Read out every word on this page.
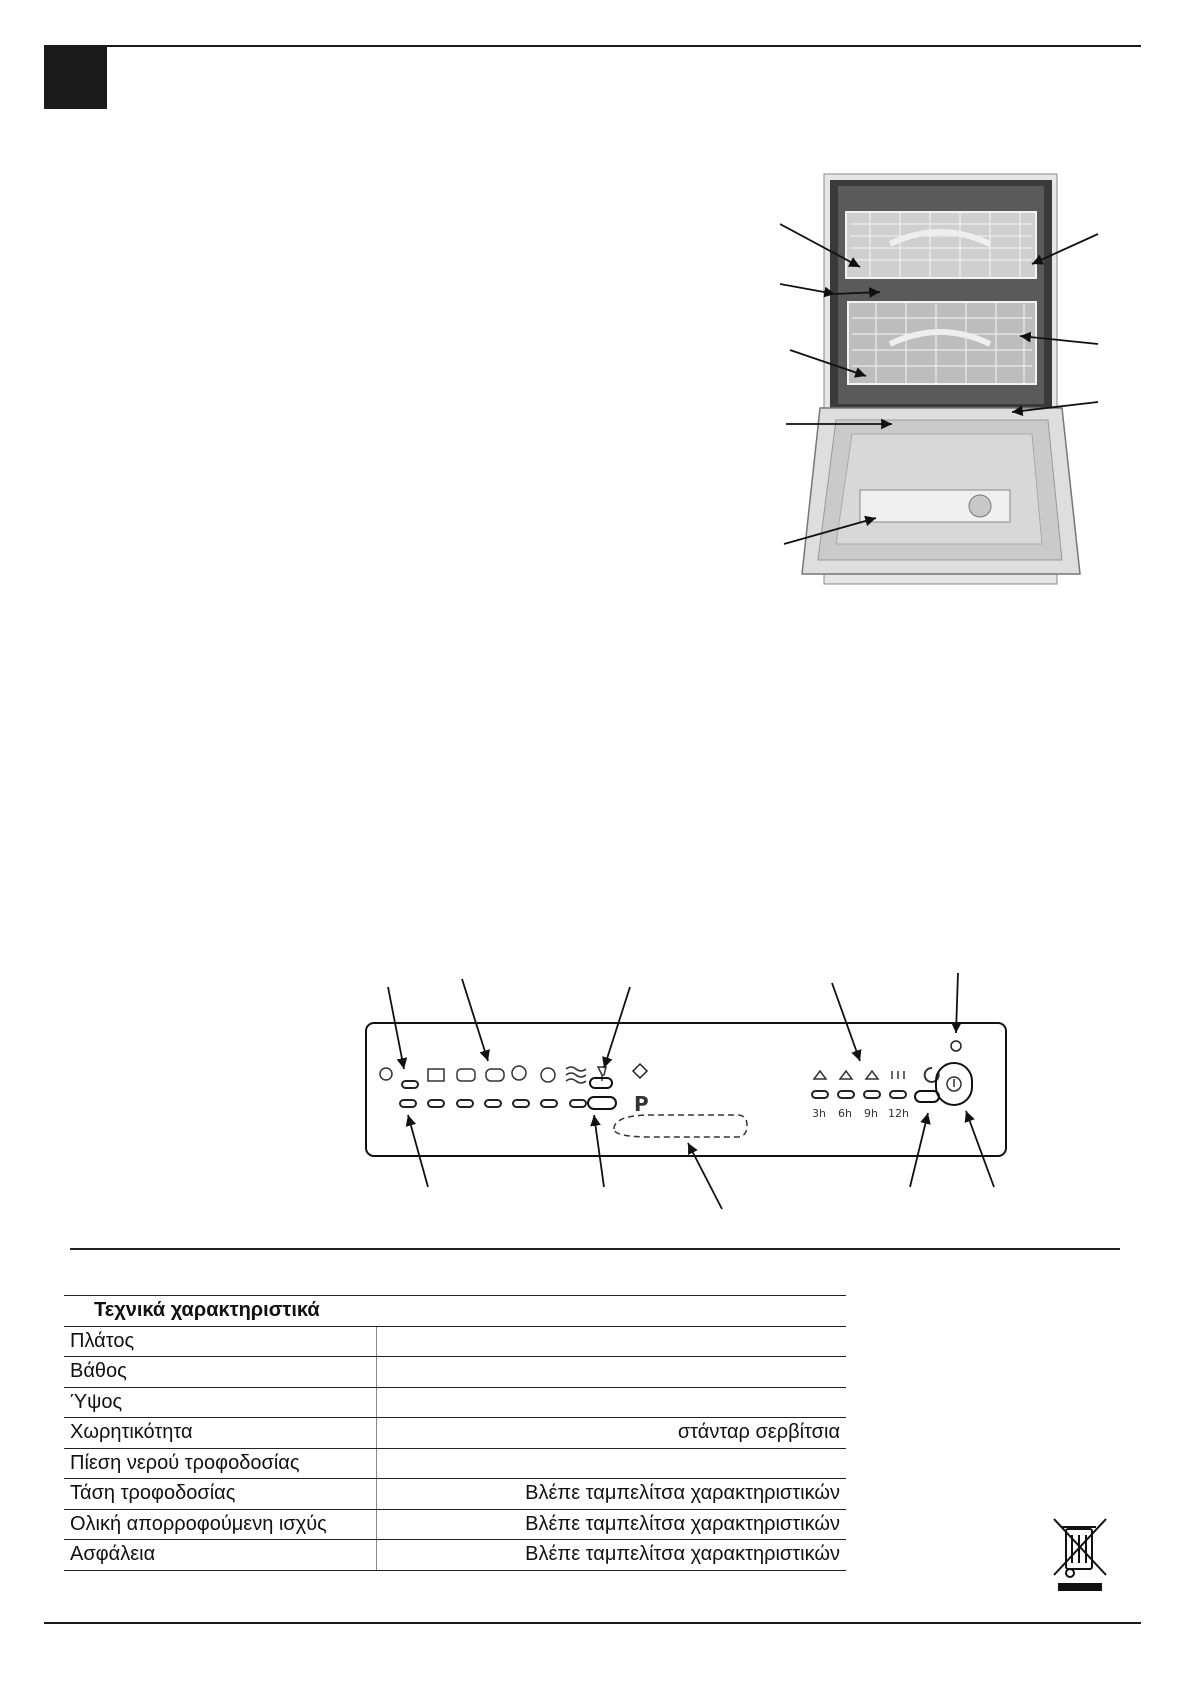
P	3h 6h 9h 12h
Τεχνικά χαρακτηριστικά	
Πλάτος	
Βάθος	
Ύψος	
Χωρητικότητα	στάνταρ σερβίτσια
Πίεση νερού τροφοδοσίας	
Τάση τροφοδοσίας	Βλέπε ταμπελίτσα χαρακτηριστικών
Ολική απορροφούμενη ισχύς	Βλέπε ταμπελίτσα χαρακτηριστικών
Ασφάλεια	Βλέπε ταμπελίτσα χαρακτηριστικών
